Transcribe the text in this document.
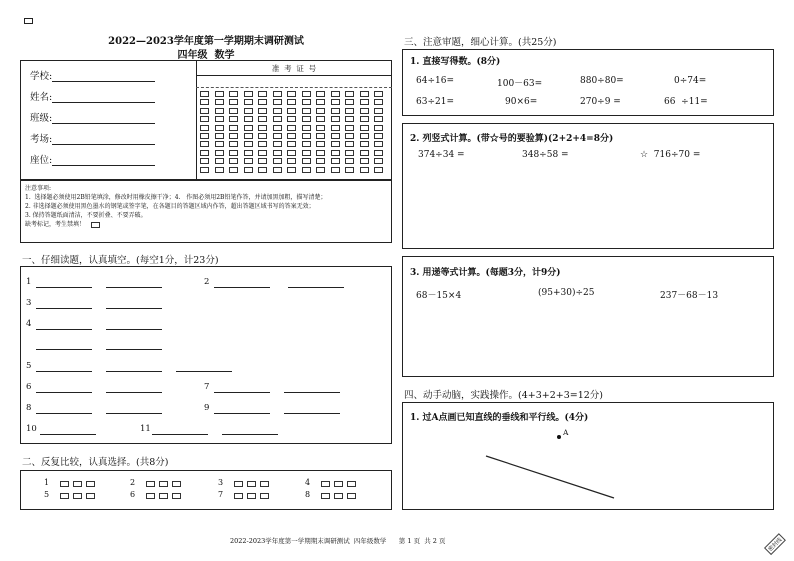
2022—2023学年度第一学期期末调研测试
四年级  数学
学校:
姓名:
班级:
考场:
座位:
准  考  证  号
注意事项:
1.  选择题必须使用2B铅笔填涂，修改时用橡皮擦干净；4.   作图必须用2B铅笔作答，并请加黑加粗，描写清楚；
2. 非选择题必须使用黑色墨水的钢笔或签字笔，在各题目的答题区域内作答，超出答题区域书写的答案无效；
3. 保持答题纸面清洁，不要折叠、不要弄破。
缺考标记，考生禁填！
一、仔细读题，认真填空。(每空1分，计23分)
1	2
3
4
5
6	7
8	9
10	11
二、反复比较，认真选择。(共8分)
1	2	3	4
5	6	7	8
三、注意审题，细心计算。(共25分)
1. 直接写得数。(8分)
64÷16=	100－63=	880÷80=	0÷74=
63÷21=	90×6=	270÷9 =	66  ÷11=
2. 列竖式计算。(带☆号的要验算)(2+2+4=8分)
374÷34 =	348÷58 =	☆  716÷70 =
3. 用递等式计算。(每题3分，计9分)
68－15×4	(95+30)÷25	237－68－13
四、动手动脑，实践操作。(4+3+2+3=12分)
1. 过A点画已知直线的垂线和平行线。(4分)
A
2022-2023学年度第一学期期末调研测试  四年级数学      第 1 页  共 2 页	密封线
